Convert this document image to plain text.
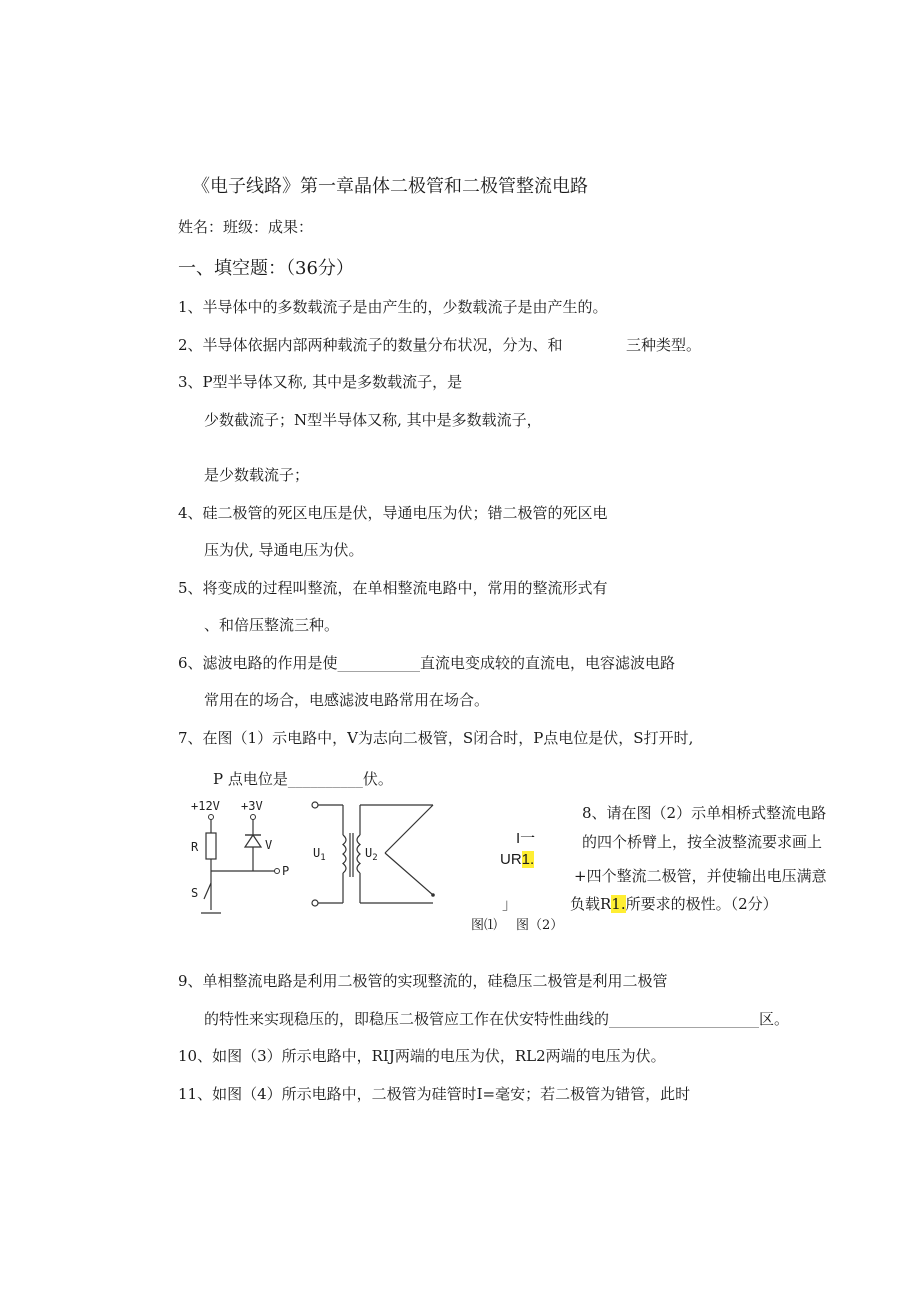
《电子线路》第一章晶体二极管和二极管整流电路
姓名：班级：成果：
一、填空题：（36分）
1、半导体中的多数载流子是由产生的，少数载流子是由产生的。
2、半导体依据内部两种载流子的数量分布状况，分为、和	三种类型。
3、P型半导体又称, 其中是多数载流子，是
少数截流子；N型半导体又称, 其中是多数载流子，
是少数载流子；
4、硅二极管的死区电压是伏，导通电压为伏；错二极管的死区电
压为伏, 导通电压为伏。
5、将变成的过程叫整流，在单相整流电路中，常用的整流形式有
、和倍压整流三种。
6、滤波电路的作用是使___________直流电变成较的直流电，电容滤波电路
常用在的场合，电感滤波电路常用在场合。
7、在图（1）示电路中，V为志向二极管，S闭合时，P点电位是伏，S打开时,
P 点电位是__________伏。
+12V +3V
R	V
P
S
$U_1$	$U_2$
I一
UR1.
」
图⑴ 图（2）
8、请在图（2）示单相桥式整流电路
的四个桥臂上，按全波整流要求画上
+四个整流二极管，并使输出电压满意
负载R1.所要求的极性。（2分）
9、单相整流电路是利用二极管的实现整流的，硅稳压二极管是利用二极管
的特性来实现稳压的，即稳压二极管应工作在伏安特性曲线的____________________区。
10、如图（3）所示电路中，RIJ两端的电压为伏，RL2两端的电压为伏。
11、如图（4）所示电路中，二极管为硅管时I=毫安；若二极管为错管，此时
